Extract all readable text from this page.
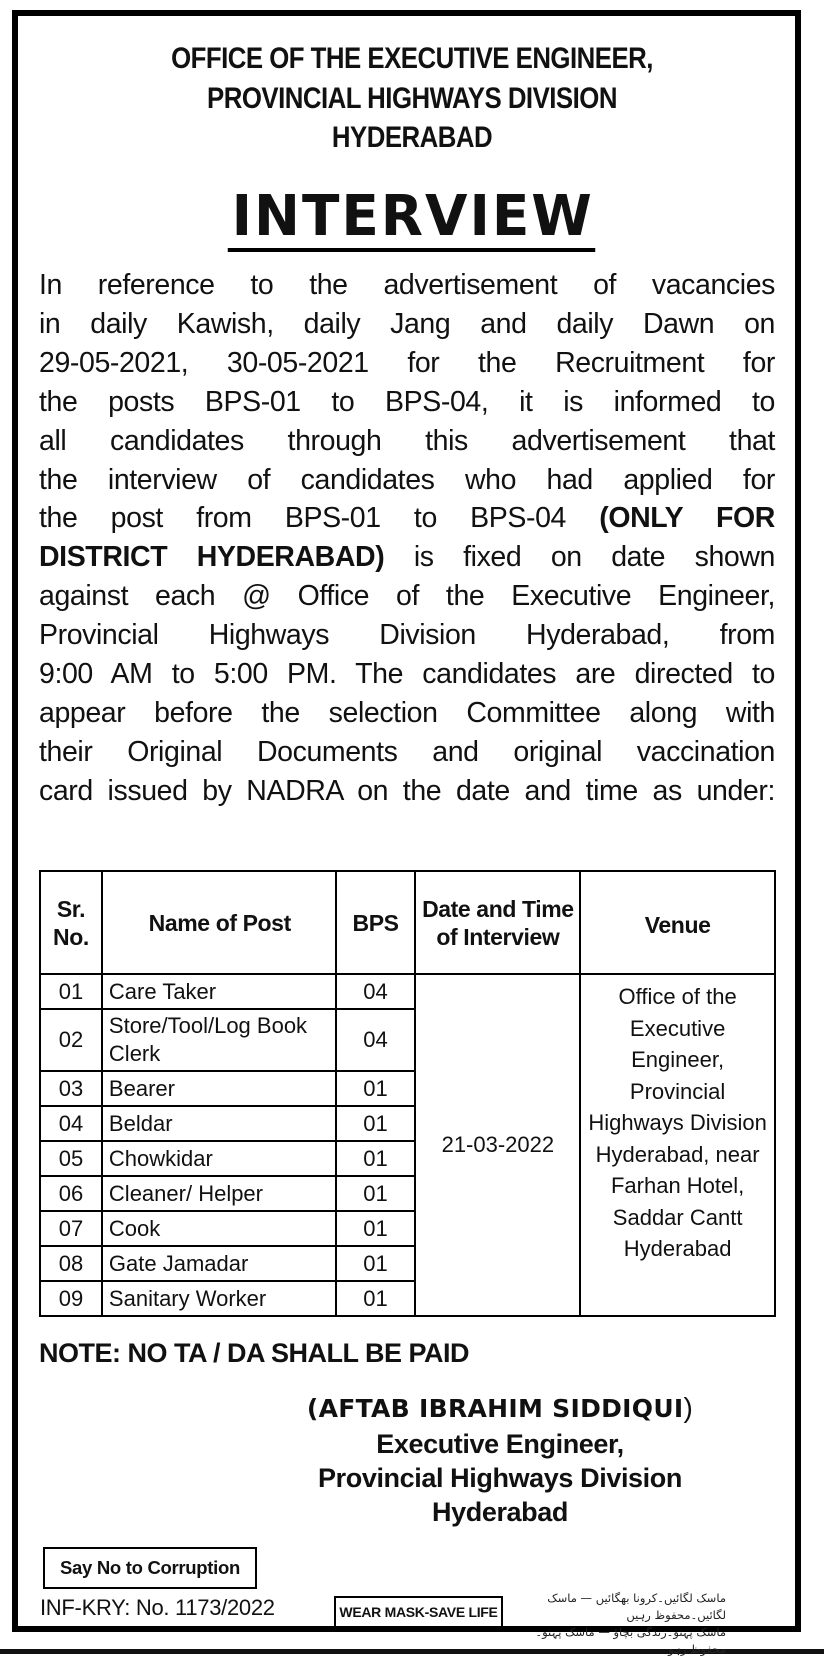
OFFICE OF THE EXECUTIVE ENGINEER,
PROVINCIAL HIGHWAYS DIVISION
HYDERABAD
INTERVIEW
In reference to the advertisement of vacancies
in daily Kawish, daily Jang and daily Dawn on
29-05-2021, 30-05-2021 for the Recruitment for
the posts BPS-01 to BPS-04, it is informed to
all candidates through this advertisement that
the interview of candidates who had applied for
the post from BPS-01 to BPS-04 (ONLY FOR
DISTRICT HYDERABAD) is fixed on date shown
against each @ Office of the Executive Engineer,
Provincial Highways Division Hyderabad, from
9:00 AM to 5:00 PM. The candidates are directed to
appear before the selection Committee along with
their Original Documents and original vaccination
card issued by NADRA on the date and time as under:
Sr. No.	Name of Post	BPS	Date and Time of Interview	Venue
01	Care Taker	04	21-03-2022	Office of the Executive Engineer, Provincial Highways Division Hyderabad, near Farhan Hotel, Saddar Cantt Hyderabad
02	Store/Tool/Log Book Clerk	04		
03	Bearer	01		
04	Beldar	01		
05	Chowkidar	01		
06	Cleaner/ Helper	01		
07	Cook	01		
08	Gate Jamadar	01		
09	Sanitary Worker	01		
NOTE: NO TA / DA SHALL BE PAID
(AFTAB IBRAHIM SIDDIQUI)
Executive Engineer,
Provincial Highways Division
Hyderabad
Say No to Corruption
INF-KRY: No. 1173/2022	WEAR MASK-SAVE LIFE
ماسک لگائیں۔کرونا بھگائیں — ماسک لگائیں۔محفوظ رہیں
ماسک پہنو۔زندگی بچاؤ — ماسک پہنو۔محفوظ رہو
